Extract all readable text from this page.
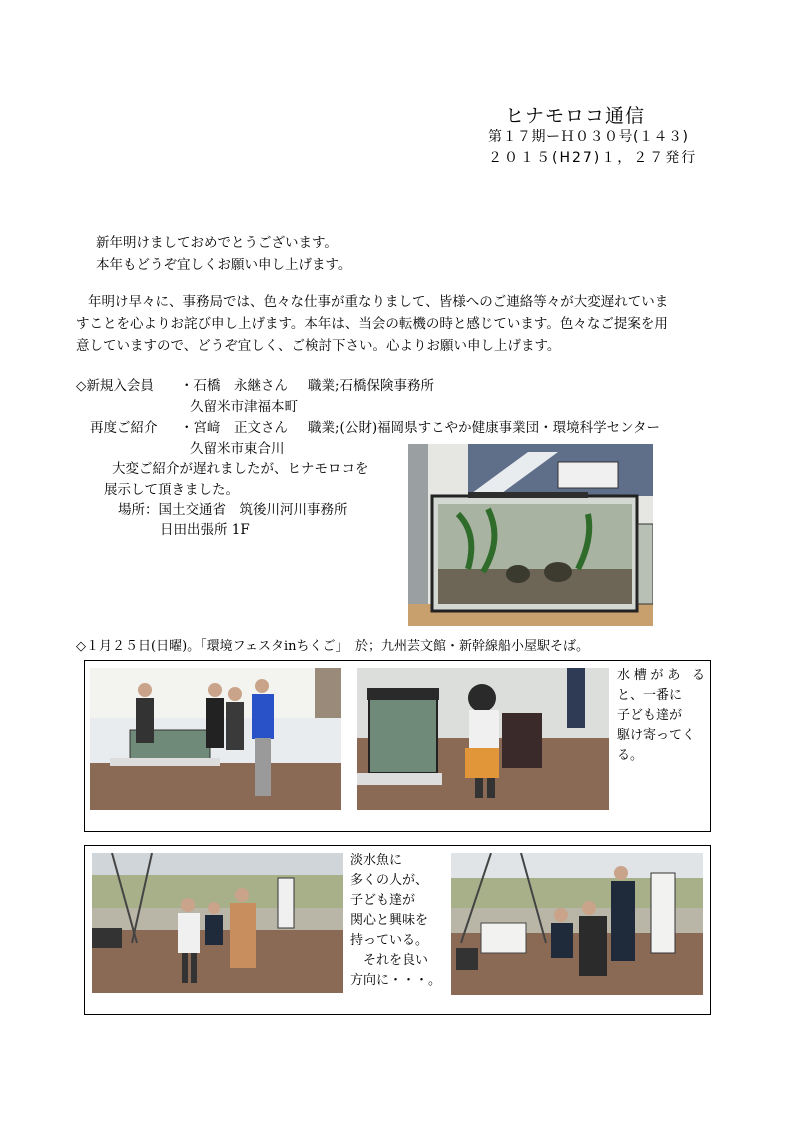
ヒナモロコ通信
第１７期ーＨ０３０号(１４３)
２０１５(H27)１，２７発行
新年明けましておめでとうございます。
本年もどうぞ宜しくお願い申し上げます。
年明け早々に、事務局では、色々な仕事が重なりまして、皆様へのご連絡等々が大変遅れていま
すことを心よりお詫び申し上げます。本年は、当会の転機の時と感じています。色々なご提案を用
意していますので、どうぞ宜しく、ご検討下さい。心よりお願い申し上げます。
◇新規入会員 ・石橋　永継さん 職業;石橋保険事務所
久留米市津福本町
再度ご紹介 ・宮﨑　正文さん 職業;(公財)福岡県すこやか健康事業団・環境科学センター
久留米市東合川
大変ご紹介が遅れましたが、ヒナモロコを
展示して頂きました。
場所：国土交通省　筑後川河川事務所
日田出張所 1F
◇１月２５日(日曜)。「環境フェスタinちくご」　於；九州芸文館・新幹線船小屋駅そば。
水槽があ る
と、一番に
子ども達が
駆け寄ってく
る。
淡水魚に
多くの人が、
子ども達が
関心と興味を
持っている。
　それを良い
方向に・・・。
